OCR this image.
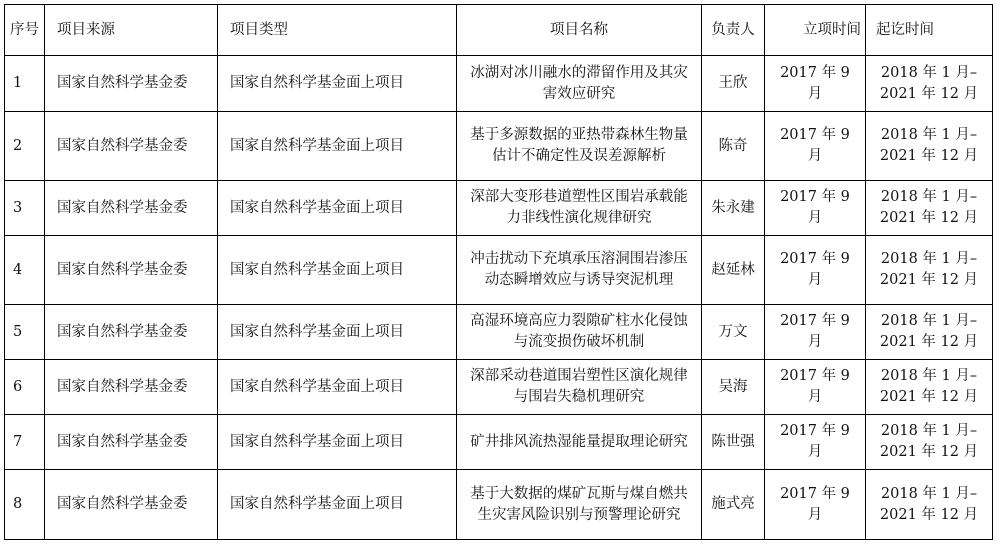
序号	项目来源	项目类型	项目名称	负责人	立项时间	起讫时间
1	国家自然科学基金委	国家自然科学基金面上项目	冰湖对冰川融水的滞留作用及其灾害效应研究	王欣	2017 年 9 月	2018 年 1 月–2021 年 12 月
2	国家自然科学基金委	国家自然科学基金面上项目	基于多源数据的亚热带森林生物量估计不确定性及误差源解析	陈奇	2017 年 9 月	2018 年 1 月–2021 年 12 月
3	国家自然科学基金委	国家自然科学基金面上项目	深部大变形巷道塑性区围岩承载能力非线性演化规律研究	朱永建	2017 年 9 月	2018 年 1 月–2021 年 12 月
4	国家自然科学基金委	国家自然科学基金面上项目	冲击扰动下充填承压溶洞围岩渗压动态瞬增效应与诱导突泥机理	赵延林	2017 年 9 月	2018 年 1 月–2021 年 12 月
5	国家自然科学基金委	国家自然科学基金面上项目	高湿环境高应力裂隙矿柱水化侵蚀与流变损伤破坏机制	万文	2017 年 9 月	2018 年 1 月–2021 年 12 月
6	国家自然科学基金委	国家自然科学基金面上项目	深部采动巷道围岩塑性区演化规律与围岩失稳机理研究	吴海	2017 年 9 月	2018 年 1 月–2021 年 12 月
7	国家自然科学基金委	国家自然科学基金面上项目	矿井排风流热湿能量提取理论研究	陈世强	2017 年 9 月	2018 年 1 月–2021 年 12 月
8	国家自然科学基金委	国家自然科学基金面上项目	基于大数据的煤矿瓦斯与煤自燃共生灾害风险识别与预警理论研究	施式亮	2017 年 9 月	2018 年 1 月–2021 年 12 月
